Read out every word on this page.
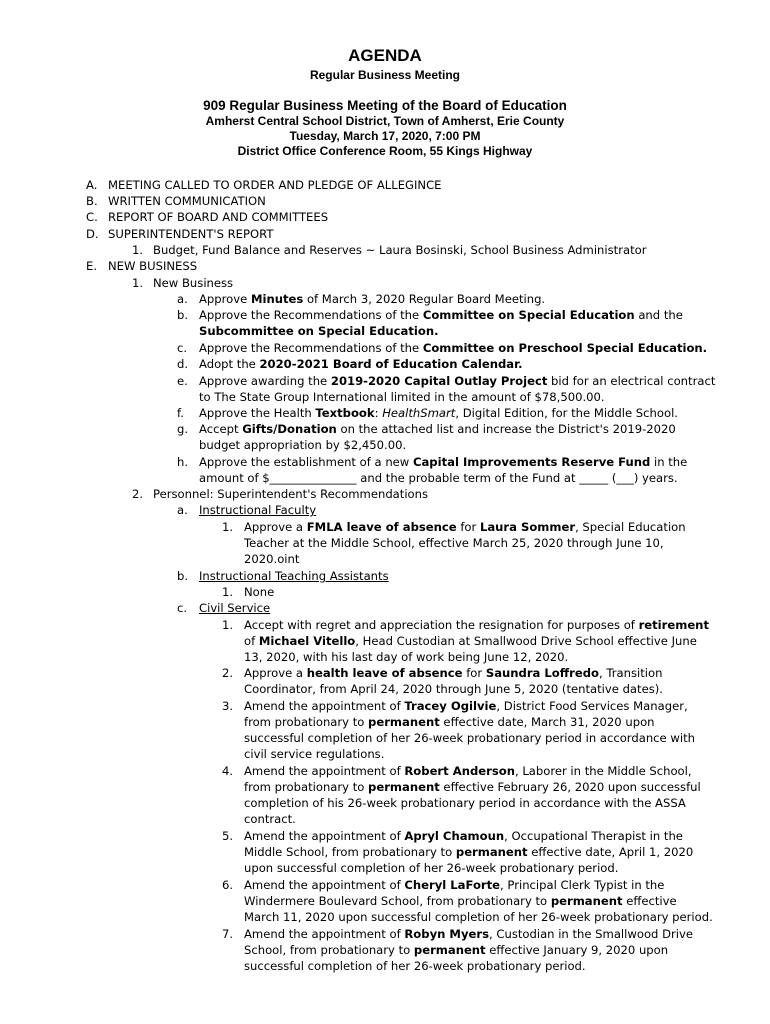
AGENDA
Regular Business Meeting
909 Regular Business Meeting of the Board of Education
Amherst Central School District, Town of Amherst, Erie County
Tuesday, March 17, 2020, 7:00 PM
District Office Conference Room, 55 Kings Highway
A. MEETING CALLED TO ORDER AND PLEDGE OF ALLEGINCE
B. WRITTEN COMMUNICATION
C. REPORT OF BOARD AND COMMITTEES
D. SUPERINTENDENT'S REPORT
1. Budget, Fund Balance and Reserves ~ Laura Bosinski, School Business Administrator
E. NEW BUSINESS
1. New Business
a. Approve Minutes of March 3, 2020 Regular Board Meeting.
b. Approve the Recommendations of the Committee on Special Education and the
Subcommittee on Special Education.
c. Approve the Recommendations of the Committee on Preschool Special Education.
d. Adopt the 2020-2021 Board of Education Calendar.
e. Approve awarding the 2019-2020 Capital Outlay Project bid for an electrical contract
to The State Group International limited in the amount of $78,500.00.
f. Approve the Health Textbook: HealthSmart, Digital Edition, for the Middle School.
g. Accept Gifts/Donation on the attached list and increase the District's 2019-2020
budget appropriation by $2,450.00.
h. Approve the establishment of a new Capital Improvements Reserve Fund in the
amount of $_______________ and the probable term of the Fund at _____ (___) years.
2. Personnel: Superintendent's Recommendations
a. Instructional Faculty
1. Approve a FMLA leave of absence for Laura Sommer, Special Education
Teacher at the Middle School, effective March 25, 2020 through June 10,
2020.oint
b. Instructional Teaching Assistants
1. None
c. Civil Service
1. Accept with regret and appreciation the resignation for purposes of retirement
of Michael Vitello, Head Custodian at Smallwood Drive School effective June
13, 2020, with his last day of work being June 12, 2020.
2. Approve a health leave of absence for Saundra Loffredo, Transition
Coordinator, from April 24, 2020 through June 5, 2020 (tentative dates).
3. Amend the appointment of Tracey Ogilvie, District Food Services Manager,
from probationary to permanent effective date, March 31, 2020 upon
successful completion of her 26-week probationary period in accordance with
civil service regulations.
4. Amend the appointment of Robert Anderson, Laborer in the Middle School,
from probationary to permanent effective February 26, 2020 upon successful
completion of his 26-week probationary period in accordance with the ASSA
contract.
5. Amend the appointment of Apryl Chamoun, Occupational Therapist in the
Middle School, from probationary to permanent effective date, April 1, 2020
upon successful completion of her 26-week probationary period.
6. Amend the appointment of Cheryl LaForte, Principal Clerk Typist in the
Windermere Boulevard School, from probationary to permanent effective
March 11, 2020 upon successful completion of her 26-week probationary period.
7. Amend the appointment of Robyn Myers, Custodian in the Smallwood Drive
School, from probationary to permanent effective January 9, 2020 upon
successful completion of her 26-week probationary period.
